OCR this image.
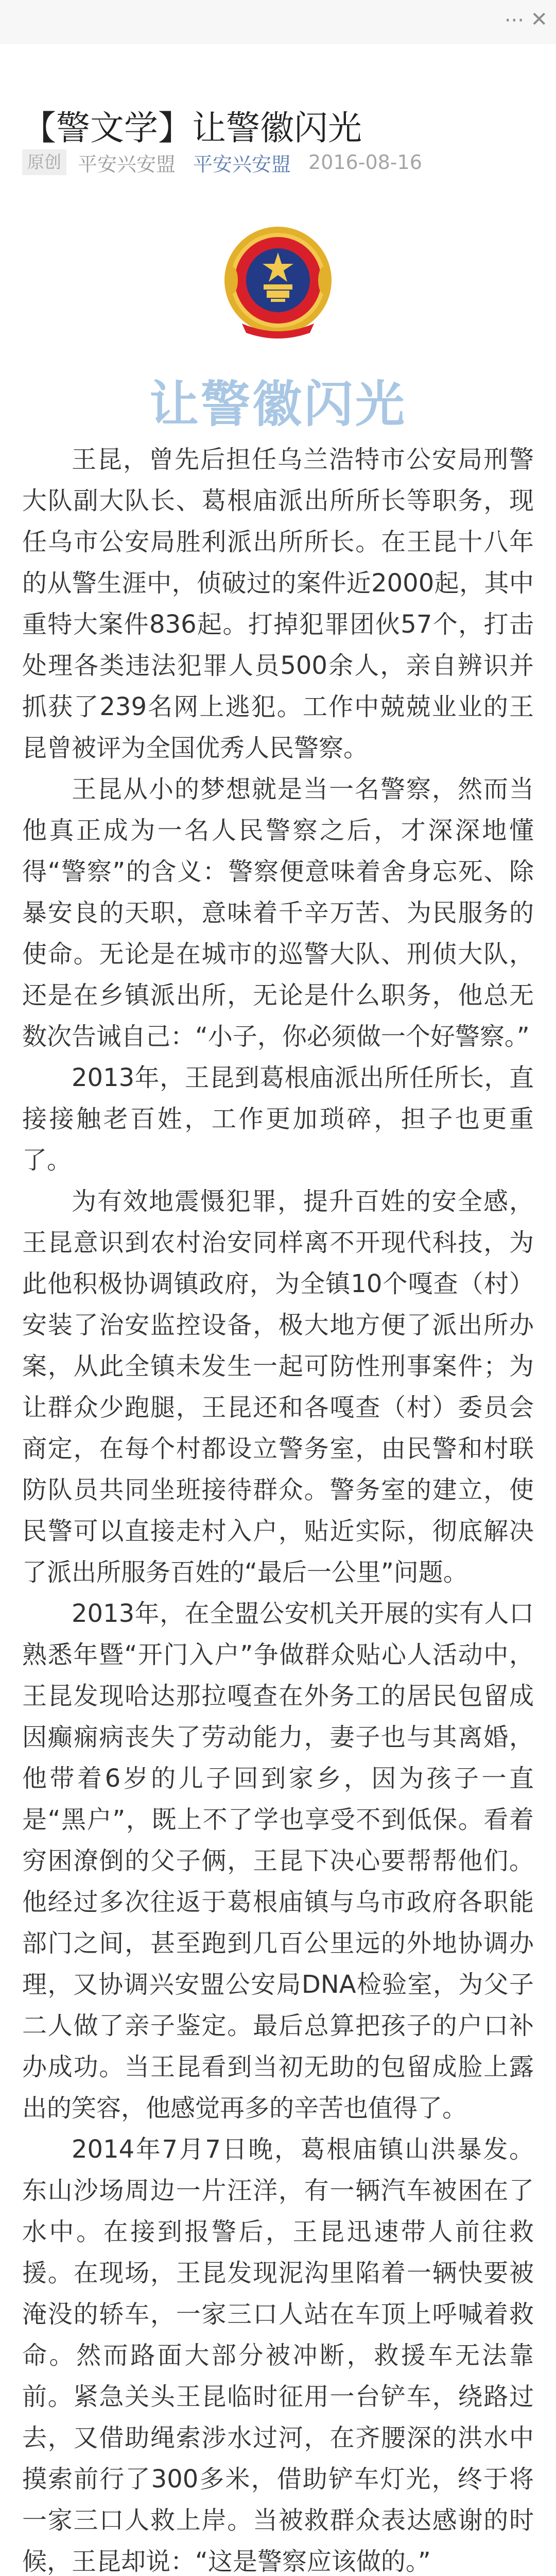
··· ✕
【警文学】让警徽闪光
原创 平安兴安盟 平安兴安盟 2016-08-16
让警徽闪光

王昆，曾先后担任乌兰浩特市公安局刑警大队副大队长、葛根庙派出所所长等职务，现任乌市公安局胜利派出所所长。在王昆十八年的从警生涯中，侦破过的案件近2000起，其中重特大案件836起。打掉犯罪团伙57个，打击处理各类违法犯罪人员500余人，亲自辨识并抓获了239名网上逃犯。工作中兢兢业业的王昆曾被评为全国优秀人民警察。

王昆从小的梦想就是当一名警察，然而当他真正成为一名人民警察之后，才深深地懂得“警察”的含义：警察便意味着舍身忘死、除暴安良的天职，意味着千辛万苦、为民服务的使命。无论是在城市的巡警大队、刑侦大队，还是在乡镇派出所，无论是什么职务，他总无数次告诫自己：“小子，你必须做一个好警察。”

2013年，王昆到葛根庙派出所任所长，直接接触老百姓，工作更加琐碎，担子也更重了。

为有效地震慑犯罪，提升百姓的安全感，王昆意识到农村治安同样离不开现代科技，为此他积极协调镇政府，为全镇10个嘎查（村）安装了治安监控设备，极大地方便了派出所办案，从此全镇未发生一起可防性刑事案件；为让群众少跑腿，王昆还和各嘎查（村）委员会商定，在每个村都设立警务室，由民警和村联防队员共同坐班接待群众。警务室的建立，使民警可以直接走村入户，贴近实际，彻底解决了派出所服务百姓的“最后一公里”问题。

2013年，在全盟公安机关开展的实有人口熟悉年暨“开门入户”争做群众贴心人活动中，王昆发现哈达那拉嘎查在外务工的居民包留成因癫痫病丧失了劳动能力，妻子也与其离婚，他带着6岁的儿子回到家乡，因为孩子一直是“黑户”，既上不了学也享受不到低保。看着穷困潦倒的父子俩，王昆下决心要帮帮他们。他经过多次往返于葛根庙镇与乌市政府各职能部门之间，甚至跑到几百公里远的外地协调办理，又协调兴安盟公安局DNA检验室，为父子二人做了亲子鉴定。最后总算把孩子的户口补办成功。当王昆看到当初无助的包留成脸上露出的笑容，他感觉再多的辛苦也值得了。

2014年7月7日晚，葛根庙镇山洪暴发。东山沙场周边一片汪洋，有一辆汽车被困在了水中。在接到报警后，王昆迅速带人前往救援。在现场，王昆发现泥沟里陷着一辆快要被淹没的轿车，一家三口人站在车顶上呼喊着救命。然而路面大部分被冲断，救援车无法靠前。紧急关头王昆临时征用一台铲车，绕路过去，又借助绳索涉水过河，在齐腰深的洪水中摸索前行了300多米，借助铲车灯光，终于将一家三口人救上岸。当被救群众表达感谢的时候，王昆却说：“这是警察应该做的。”
